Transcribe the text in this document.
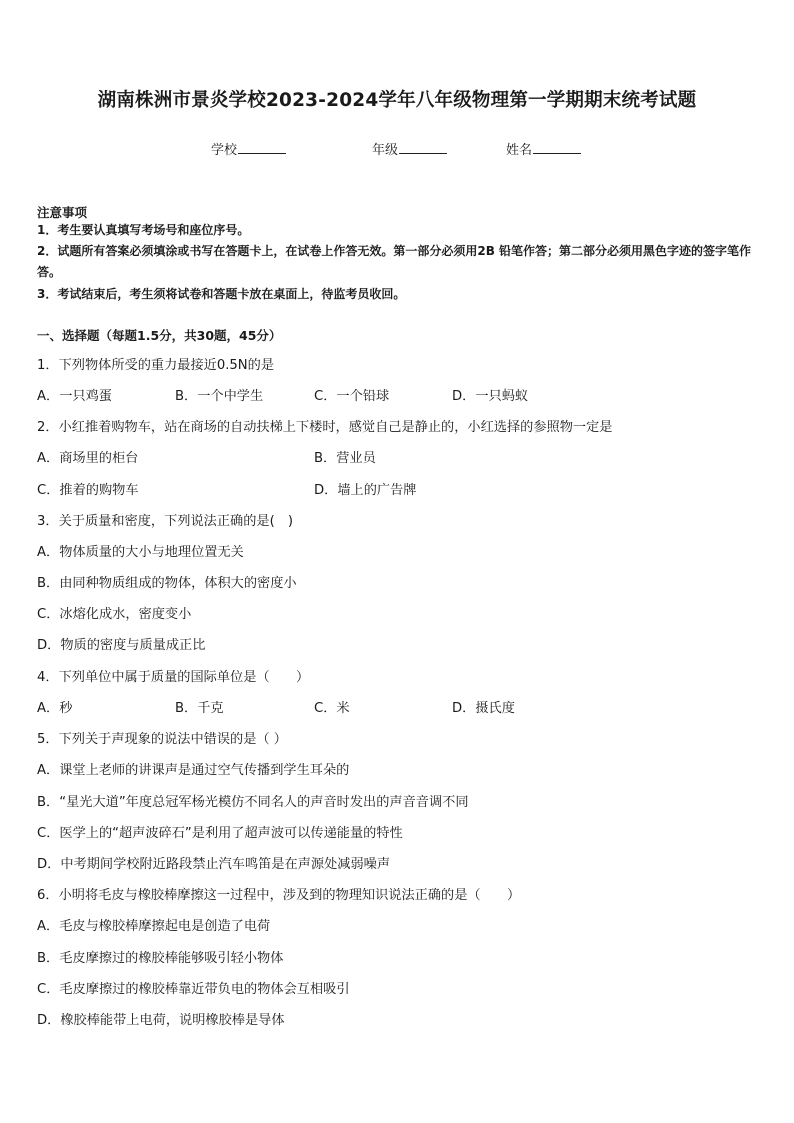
湖南株洲市景炎学校2023-2024学年八年级物理第一学期期末统考试题
学校	年级	姓名
注意事项
1．考生要认真填写考场号和座位序号。
2．试题所有答案必须填涂或书写在答题卡上，在试卷上作答无效。第一部分必须用2B 铅笔作答；第二部分必须用黑色字迹的签字笔作答。
3．考试结束后，考生须将试卷和答题卡放在桌面上，待监考员收回。
一、选择题（每题1.5分，共30题，45分）
1．下列物体所受的重力最接近0.5N的是
A．一只鸡蛋	B．一个中学生	C．一个铅球	D．一只蚂蚁
2．小红推着购物车，站在商场的自动扶梯上下楼时，感觉自己是静止的，小红选择的参照物一定是
A．商场里的柜台	B．营业员
C．推着的购物车	D．墙上的广告牌
3．关于质量和密度，下列说法正确的是(　)
A．物体质量的大小与地理位置无关
B．由同种物质组成的物体，体积大的密度小
C．冰熔化成水，密度变小
D．物质的密度与质量成正比
4．下列单位中属于质量的国际单位是（　　）
A．秒	B．千克	C．米	D．摄氏度
5．下列关于声现象的说法中错误的是（ ）
A．课堂上老师的讲课声是通过空气传播到学生耳朵的
B．“星光大道”年度总冠军杨光模仿不同名人的声音时发出的声音音调不同
C．医学上的“超声波碎石”是利用了超声波可以传递能量的特性
D．中考期间学校附近路段禁止汽车鸣笛是在声源处减弱噪声
6．小明将毛皮与橡胶棒摩擦这一过程中，涉及到的物理知识说法正确的是（　　）
A．毛皮与橡胶棒摩擦起电是创造了电荷
B．毛皮摩擦过的橡胶棒能够吸引轻小物体
C．毛皮摩擦过的橡胶棒靠近带负电的物体会互相吸引
D．橡胶棒能带上电荷，说明橡胶棒是导体
